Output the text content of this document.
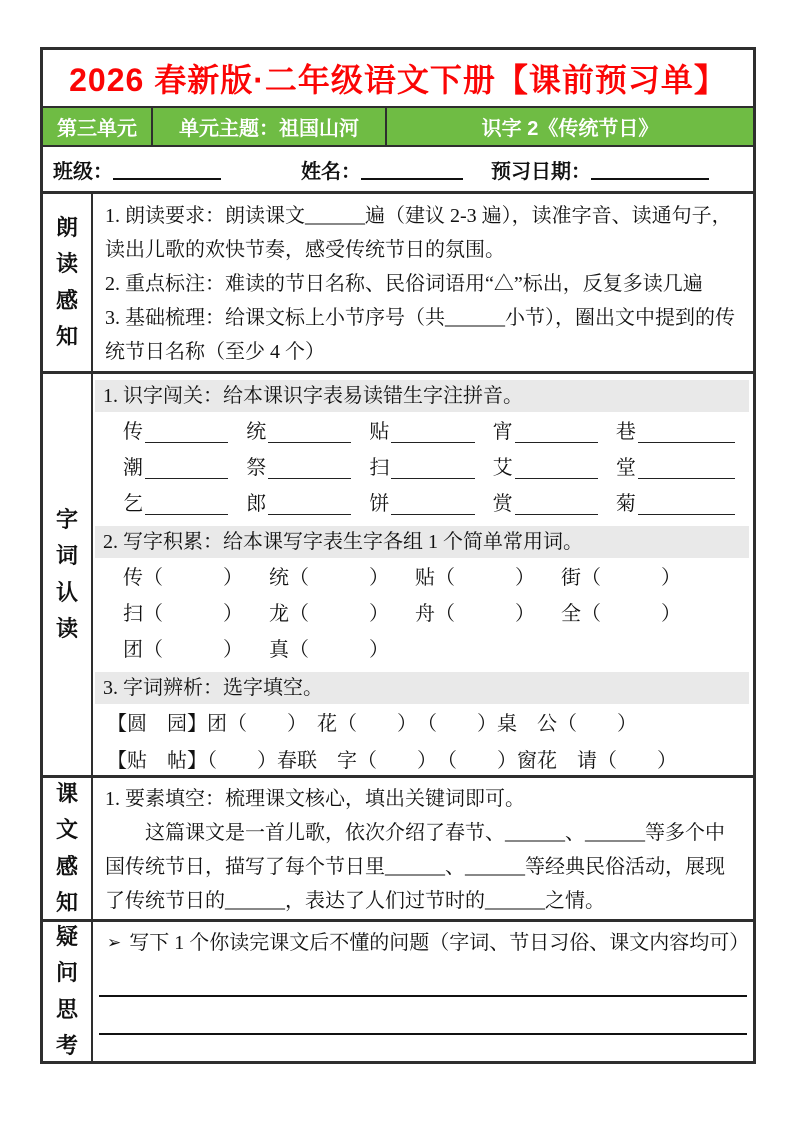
2026 春新版·二年级语文下册【课前预习单】
第三单元	单元主题：祖国山河	识字 2《传统节日》
班级：	姓名：	预习日期：
朗读感知

1. 朗读要求：朗读课文______遍（建议 2-3 遍），读准字音、读通句子，读出儿歌的欢快节奏，感受传统节日的氛围。

2. 重点标注：难读的节日名称、民俗词语用“△”标出，反复多读几遍

3. 基础梳理：给课文标上小节序号（共______小节），圈出文中提到的传统节日名称（至少 4 个）

字词认读
1. 识字闯关：给本课识字表易读错生字注拼音。
传	统	贴	宵	巷
潮	祭	扫	艾	堂
乞	郎	饼	赏	菊
2. 写字积累：给本课写字表生字各组 1 个简单常用词。
传（　　　） 统（　　　） 贴（　　　） 街（　　　）
扫（　　　） 龙（　　　） 舟（　　　） 全（　　　）
团（　　　） 真（　　　）
3. 字词辨析：选字填空。
【圆　园】团（　　）　花（　　）　（　　）桌　公（　　）
【贴　帖】（　　）春联　字（　　）　（　　）窗花　请（　　）
课文感知

1. 要素填空：梳理课文核心，填出关键词即可。

这篇课文是一首儿歌，依次介绍了春节、______、______等多个中国传统节日，描写了每个节日里______、______等经典民俗活动，展现了传统节日的______，表达了人们过节时的______之情。

疑问思考
➢ 写下 1 个你读完课文后不懂的问题（字词、节日习俗、课文内容均可）
